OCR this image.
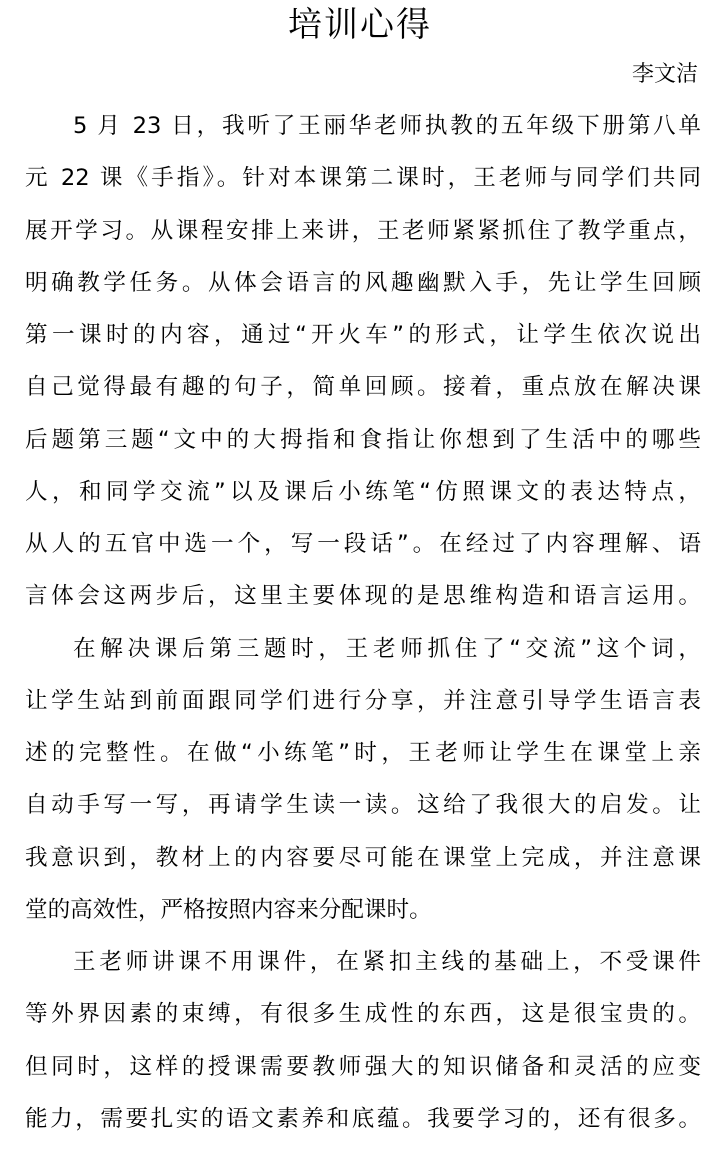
培训心得
李文洁
5 月 23 日，我听了王丽华老师执教的五年级下册第八单
元 22 课《手指》。针对本课第二课时，王老师与同学们共同
展开学习。从课程安排上来讲，王老师紧紧抓住了教学重点，
明确教学任务。从体会语言的风趣幽默入手，先让学生回顾
第一课时的内容，通过“开火车”的形式，让学生依次说出
自己觉得最有趣的句子，简单回顾。接着，重点放在解决课
后题第三题“文中的大拇指和食指让你想到了生活中的哪些
人，和同学交流”以及课后小练笔“仿照课文的表达特点，
从人的五官中选一个，写一段话”。在经过了内容理解、语
言体会这两步后，这里主要体现的是思维构造和语言运用。
在解决课后第三题时，王老师抓住了“交流”这个词，
让学生站到前面跟同学们进行分享，并注意引导学生语言表
述的完整性。在做“小练笔”时，王老师让学生在课堂上亲
自动手写一写，再请学生读一读。这给了我很大的启发。让
我意识到，教材上的内容要尽可能在课堂上完成，并注意课
堂的高效性，严格按照内容来分配课时。
王老师讲课不用课件，在紧扣主线的基础上，不受课件
等外界因素的束缚，有很多生成性的东西，这是很宝贵的。
但同时，这样的授课需要教师强大的知识储备和灵活的应变
能力，需要扎实的语文素养和底蕴。我要学习的，还有很多。
